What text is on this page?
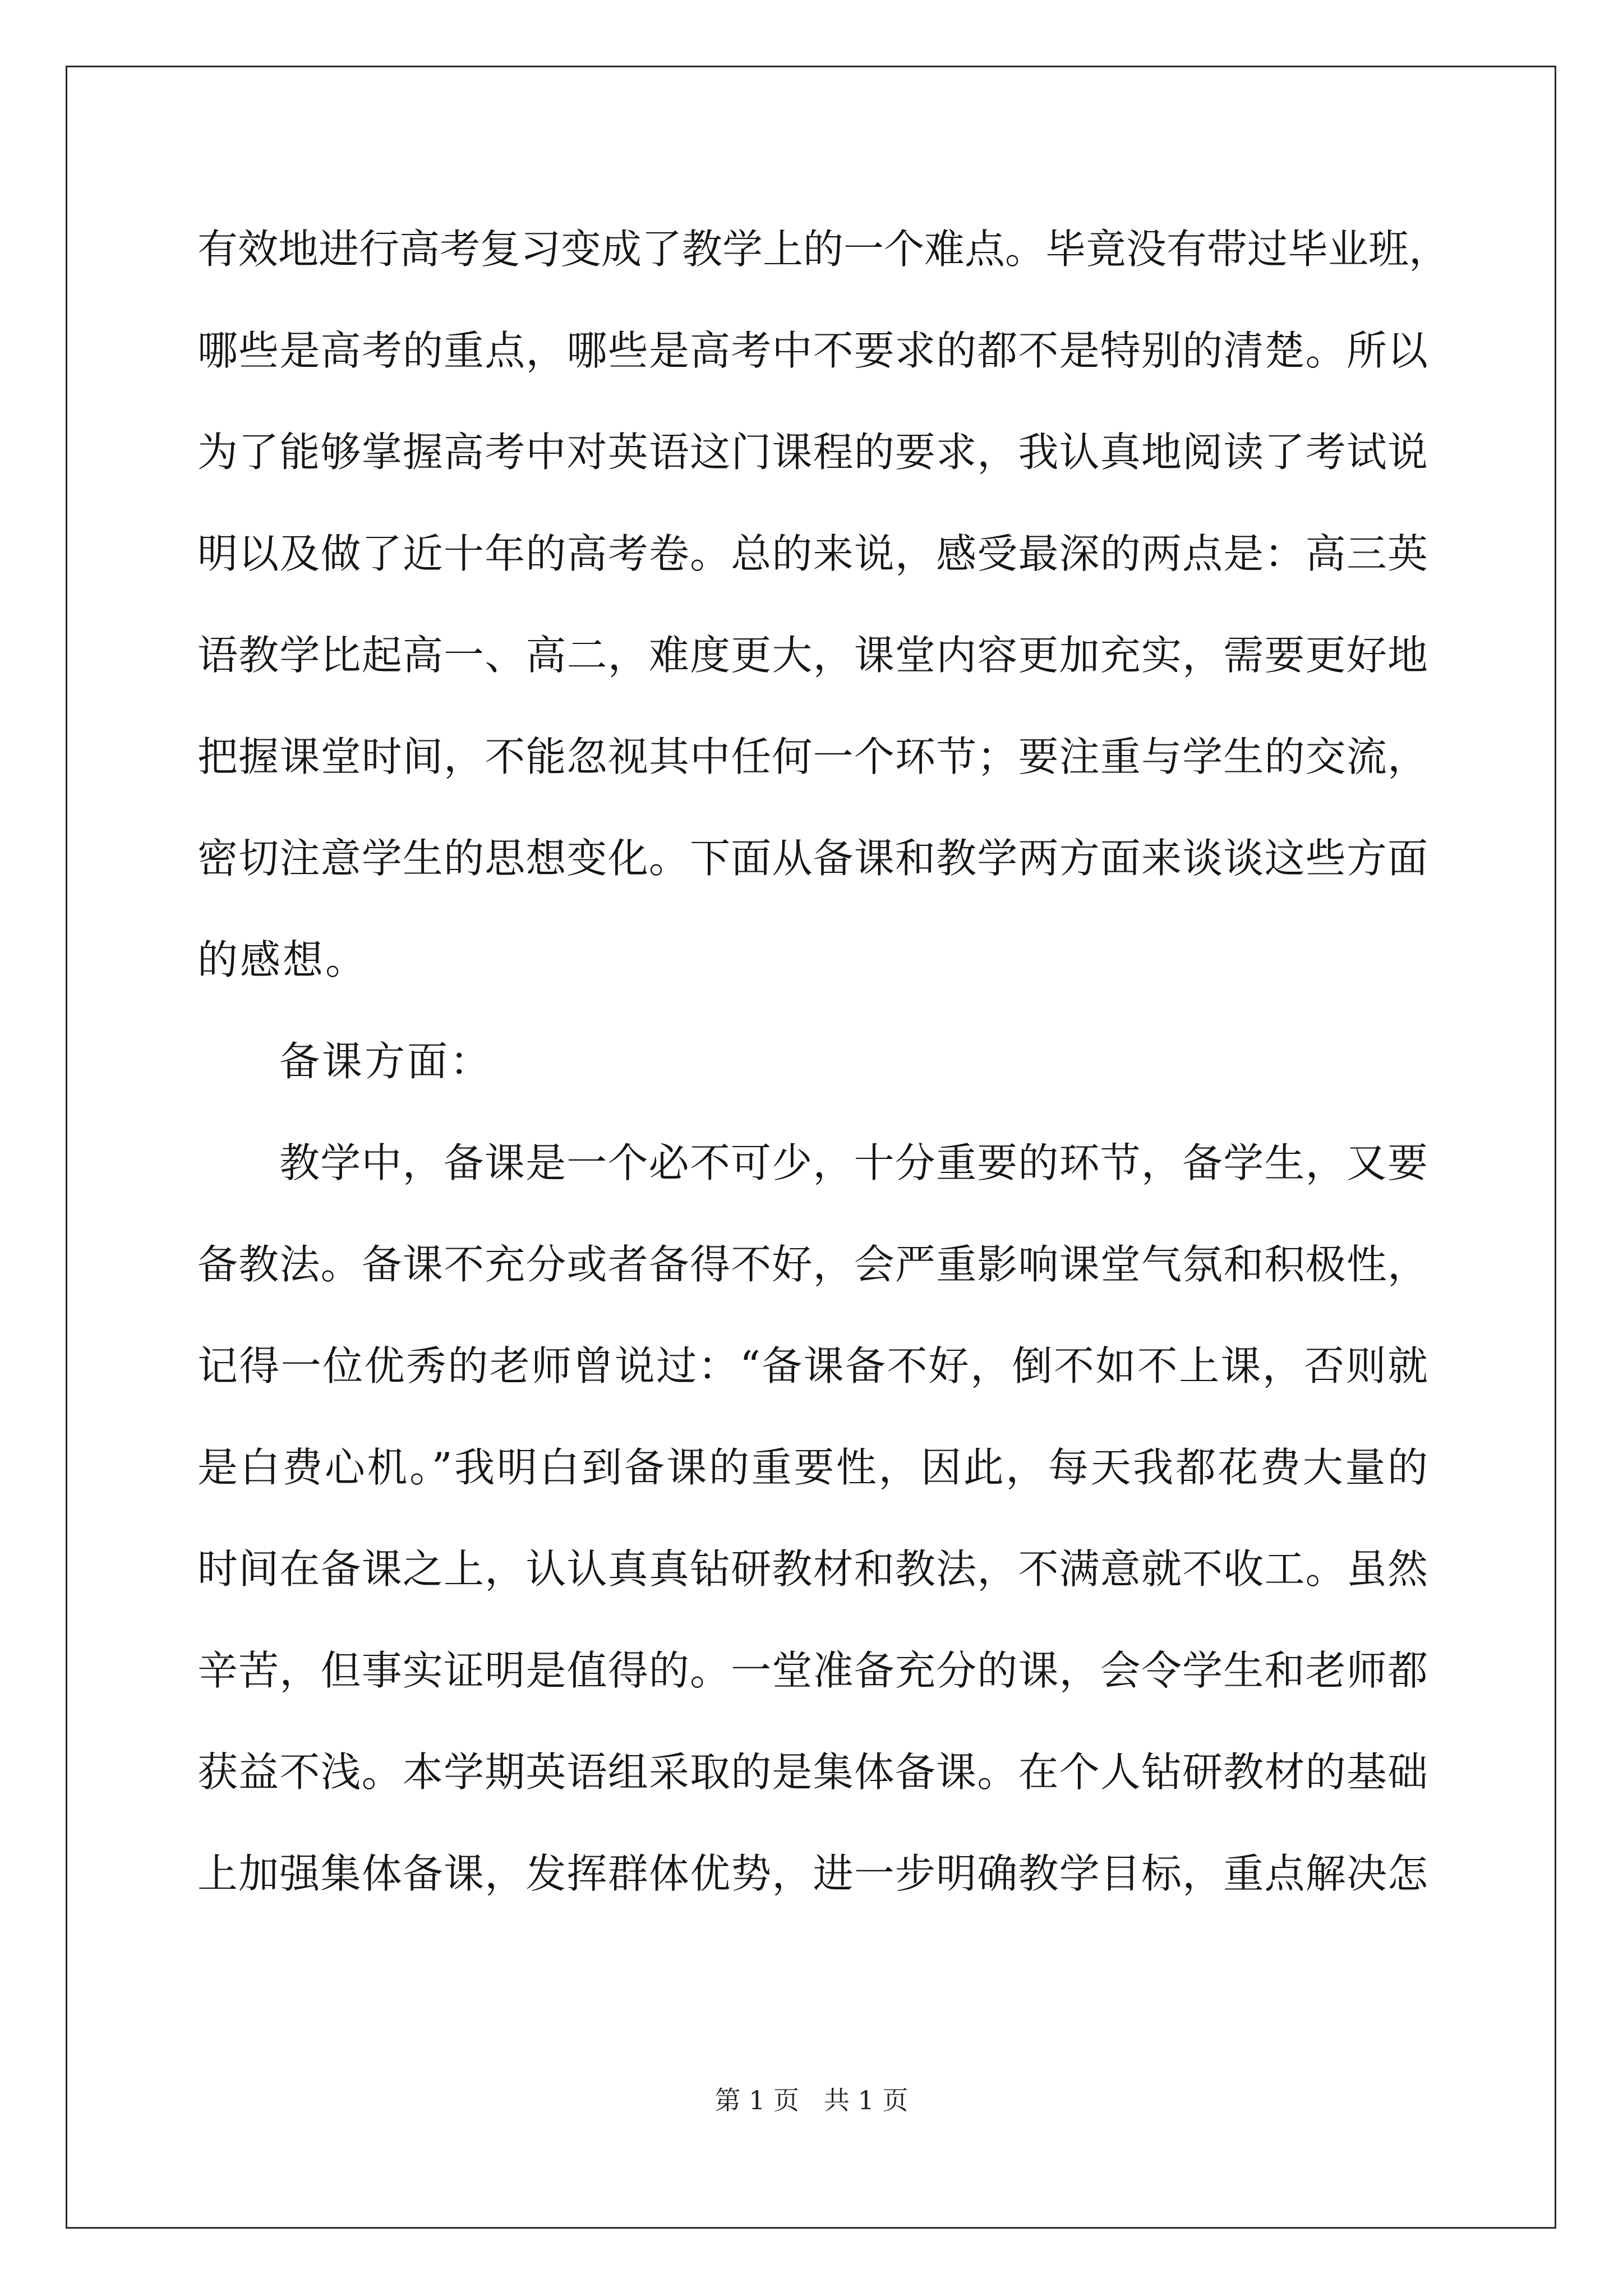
有效地进行高考复习变成了教学上的一个难点。毕竟没有带过毕业班，
哪些是高考的重点，哪些是高考中不要求的都不是特别的清楚。所以
为了能够掌握高考中对英语这门课程的要求，我认真地阅读了考试说
明以及做了近十年的高考卷。总的来说，感受最深的两点是：高三英
语教学比起高一、高二，难度更大，课堂内容更加充实，需要更好地
把握课堂时间，不能忽视其中任何一个环节；要注重与学生的交流，
密切注意学生的思想变化。下面从备课和教学两方面来谈谈这些方面
的感想。
备课方面：
教学中，备课是一个必不可少，十分重要的环节，备学生，又要
备教法。备课不充分或者备得不好，会严重影响课堂气氛和积极性，
记得一位优秀的老师曾说过：“备课备不好，倒不如不上课，否则就
是白费心机。”我明白到备课的重要性，因此，每天我都花费大量的
时间在备课之上，认认真真钻研教材和教法，不满意就不收工。虽然
辛苦，但事实证明是值得的。一堂准备充分的课，会令学生和老师都
获益不浅。本学期英语组采取的是集体备课。在个人钻研教材的基础
上加强集体备课，发挥群体优势，进一步明确教学目标，重点解决怎
第 1 页 共 1 页
